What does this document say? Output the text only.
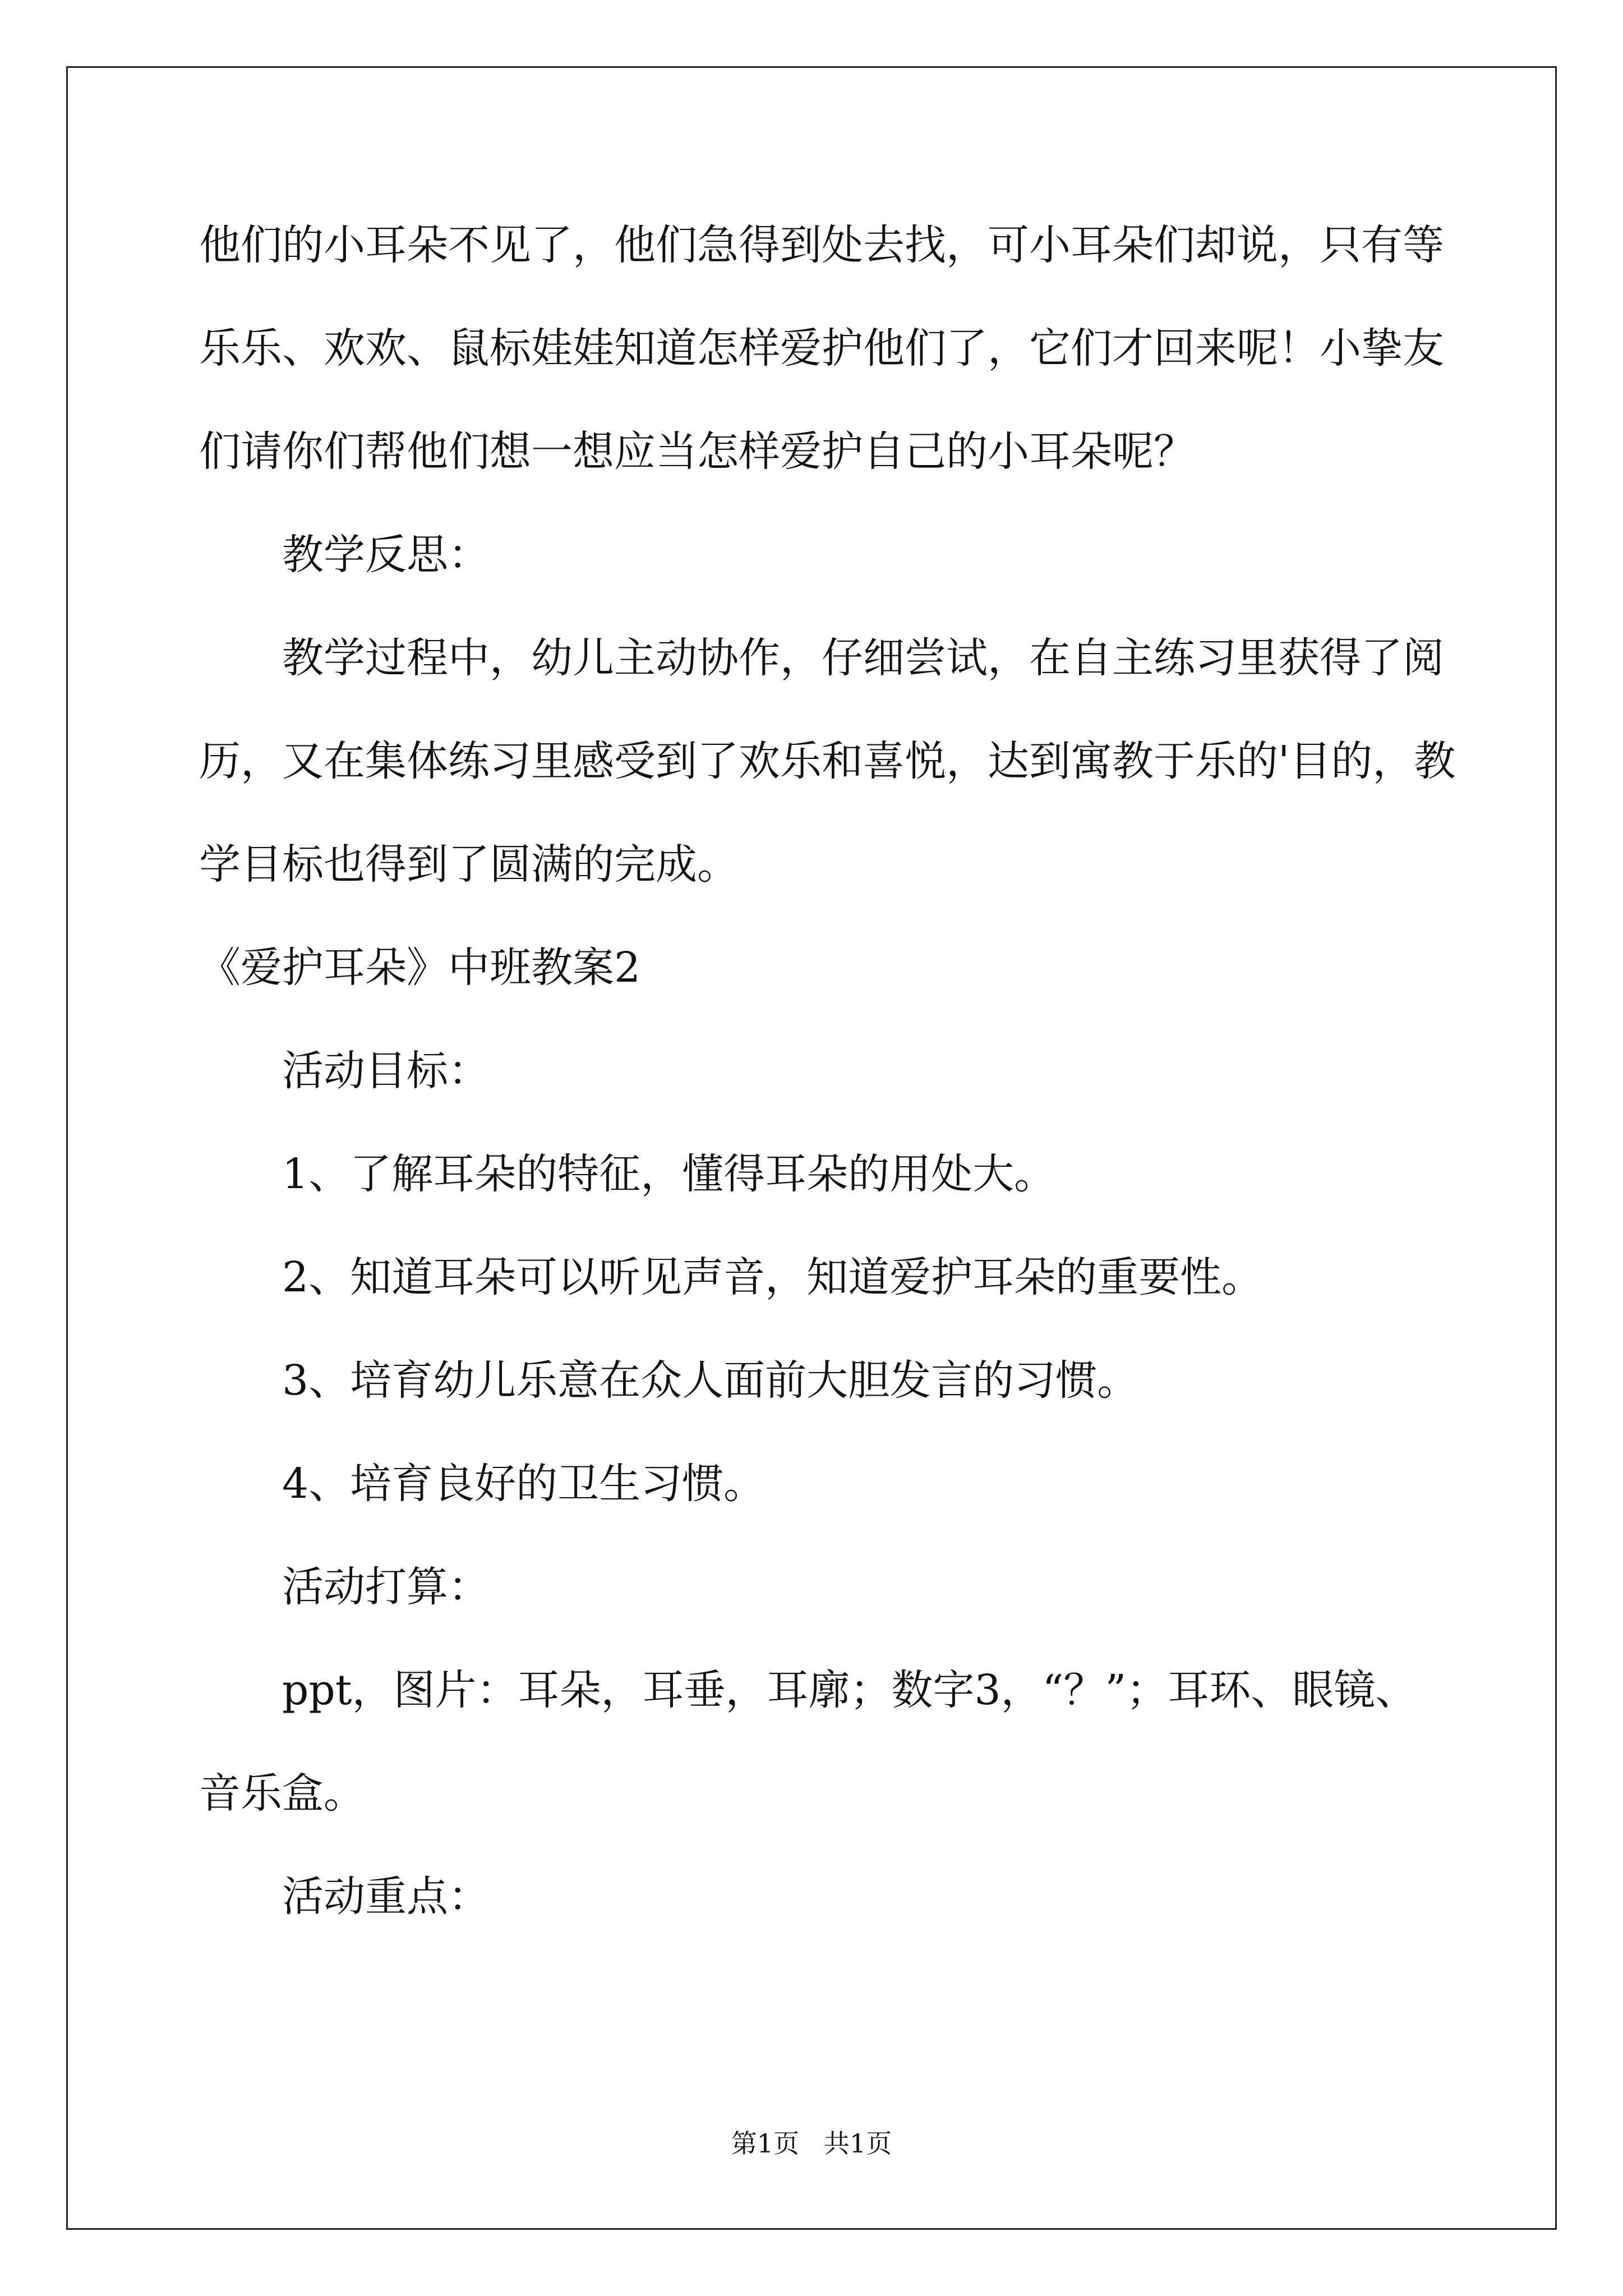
他们的小耳朵不见了，他们急得到处去找，可小耳朵们却说，只有等
乐乐、欢欢、鼠标娃娃知道怎样爱护他们了，它们才回来呢！小挚友
们请你们帮他们想一想应当怎样爱护自己的小耳朵呢？
教学反思：
教学过程中，幼儿主动协作，仔细尝试，在自主练习里获得了阅
历，又在集体练习里感受到了欢乐和喜悦，达到寓教于乐的'目的，教
学目标也得到了圆满的完成。
《爱护耳朵》中班教案2
活动目标：
1、了解耳朵的特征，懂得耳朵的用处大。
2、知道耳朵可以听见声音，知道爱护耳朵的重要性。
3、培育幼儿乐意在众人面前大胆发言的习惯。
4、培育良好的卫生习惯。
活动打算：
ppt，图片：耳朵，耳垂，耳廓；数字3，“？”；耳环、眼镜、
音乐盒。
活动重点：
第1页   共1页
